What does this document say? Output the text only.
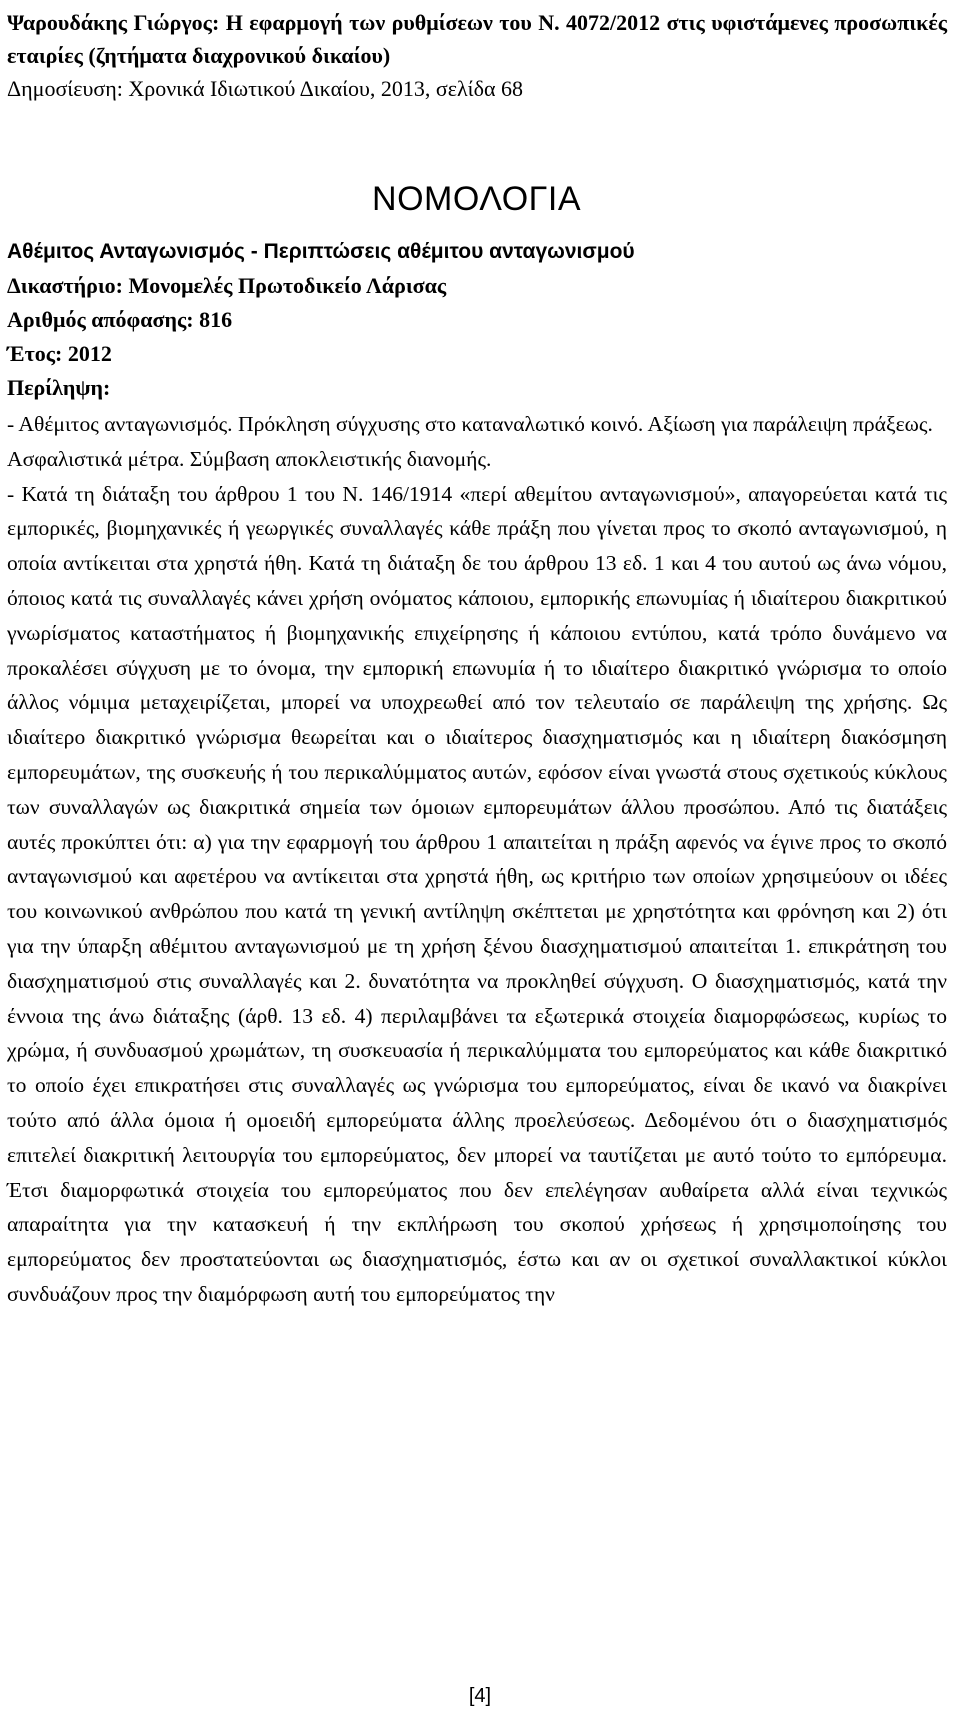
Ψαρουδάκης Γιώργος: Η εφαρμογή των ρυθμίσεων του Ν. 4072/2012 στις υφιστάμενες προσωπικές εταιρίες (ζητήματα διαχρονικού δικαίου)
Δημοσίευση: Χρονικά Ιδιωτικού Δικαίου, 2013, σελίδα 68
ΝΟΜΟΛΟΓΙΑ
Αθέμιτος Ανταγωνισμός - Περιπτώσεις αθέμιτου ανταγωνισμού
Δικαστήριο: Μονομελές Πρωτοδικείο Λάρισας
Αριθμός απόφασης: 816
Έτος: 2012
Περίληψη:

- Αθέμιτος ανταγωνισμός. Πρόκληση σύγχυσης στο καταναλωτικό κοινό. Αξίωση για παράλειψη πράξεως. Ασφαλιστικά μέτρα. Σύμβαση αποκλειστικής διανομής.

- Κατά τη διάταξη του άρθρου 1 του Ν. 146/1914 «περί αθεμίτου ανταγωνισμού», απαγορεύεται κατά τις εμπορικές, βιομηχανικές ή γεωργικές συναλλαγές κάθε πράξη που γίνεται προς το σκοπό ανταγωνισμού, η οποία αντίκειται στα χρηστά ήθη. Κατά τη διάταξη δε του άρθρου 13 εδ. 1 και 4 του αυτού ως άνω νόμου, όποιος κατά τις συναλλαγές κάνει χρήση ονόματος κάποιου, εμπορικής επωνυμίας ή ιδιαίτερου διακριτικού γνωρίσματος καταστήματος ή βιομηχανικής επιχείρησης ή κάποιου εντύπου, κατά τρόπο δυνάμενο να προκαλέσει σύγχυση με το όνομα, την εμπορική επωνυμία ή το ιδιαίτερο διακριτικό γνώρισμα το οποίο άλλος νόμιμα μεταχειρίζεται, μπορεί να υποχρεωθεί από τον τελευταίο σε παράλειψη της χρήσης. Ως ιδιαίτερο διακριτικό γνώρισμα θεωρείται και ο ιδιαίτερος διασχηματισμός και η ιδιαίτερη διακόσμηση εμπορευμάτων, της συσκευής ή του περικαλύμματος αυτών, εφόσον είναι γνωστά στους σχετικούς κύκλους των συναλλαγών ως διακριτικά σημεία των όμοιων εμπορευμάτων άλλου προσώπου. Από τις διατάξεις αυτές προκύπτει ότι: α) για την εφαρμογή του άρθρου 1 απαιτείται η πράξη αφενός να έγινε προς το σκοπό ανταγωνισμού και αφετέρου να αντίκειται στα χρηστά ήθη, ως κριτήριο των οποίων χρησιμεύουν οι ιδέες του κοινωνικού ανθρώπου που κατά τη γενική αντίληψη σκέπτεται με χρηστότητα και φρόνηση και 2) ότι για την ύπαρξη αθέμιτου ανταγωνισμού με τη χρήση ξένου διασχηματισμού απαιτείται 1. επικράτηση του διασχηματισμού στις συναλλαγές και 2. δυνατότητα να προκληθεί σύγχυση. Ο διασχηματισμός, κατά την έννοια της άνω διάταξης (άρθ. 13 εδ. 4) περιλαμβάνει τα εξωτερικά στοιχεία διαμορφώσεως, κυρίως το χρώμα, ή συνδυασμού χρωμάτων, τη συσκευασία ή περικαλύμματα του εμπορεύματος και κάθε διακριτικό το οποίο έχει επικρατήσει στις συναλλαγές ως γνώρισμα του εμπορεύματος, είναι δε ικανό να διακρίνει τούτο από άλλα όμοια ή ομοειδή εμπορεύματα άλλης προελεύσεως. Δεδομένου ότι ο διασχηματισμός επιτελεί διακριτική λειτουργία του εμπορεύματος, δεν μπορεί να ταυτίζεται με αυτό τούτο το εμπόρευμα. Έτσι διαμορφωτικά στοιχεία του εμπορεύματος που δεν επελέγησαν αυθαίρετα αλλά είναι τεχνικώς απαραίτητα για την κατασκευή ή την εκπλήρωση του σκοπού χρήσεως ή χρησιμοποίησης του εμπορεύματος δεν προστατεύονται ως διασχηματισμός, έστω και αν οι σχετικοί συναλλακτικοί κύκλοι συνδυάζουν προς την διαμόρφωση αυτή του εμπορεύματος την

[4]
